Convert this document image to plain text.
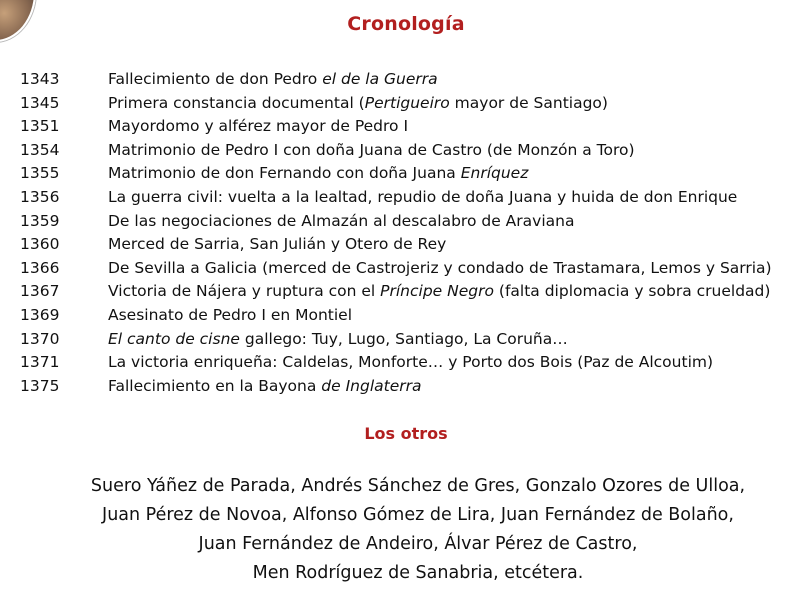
Cronología
1343	Fallecimiento de don Pedro el de la Guerra
1345	Primera constancia documental (Pertigueiro mayor de Santiago)
1351	Mayordomo y alférez mayor de Pedro I
1354	Matrimonio de Pedro I con doña Juana de Castro (de Monzón a Toro)
1355	Matrimonio de don Fernando con doña Juana Enríquez
1356	La guerra civil: vuelta a la lealtad, repudio de doña Juana y huida de don Enrique
1359	De las negociaciones de Almazán al descalabro de Araviana
1360	Merced de Sarria, San Julián y Otero de Rey
1366	De Sevilla a Galicia (merced de Castrojeriz y condado de Trastamara, Lemos y Sarria)
1367	Victoria de Nájera y ruptura con el Príncipe Negro (falta diplomacia y sobra crueldad)
1369	Asesinato de Pedro I en Montiel
1370	El canto de cisne gallego: Tuy, Lugo, Santiago, La Coruña…
1371	La victoria enriqueña: Caldelas, Monforte… y Porto dos Bois (Paz de Alcoutim)
1375	Fallecimiento en la Bayona de Inglaterra
Los otros
Suero Yáñez de Parada, Andrés Sánchez de Gres, Gonzalo Ozores de Ulloa,
Juan Pérez de Novoa, Alfonso Gómez de Lira, Juan Fernández de Bolaño,
Juan Fernández de Andeiro, Álvar Pérez de Castro,
Men Rodríguez de Sanabria, etcétera.
